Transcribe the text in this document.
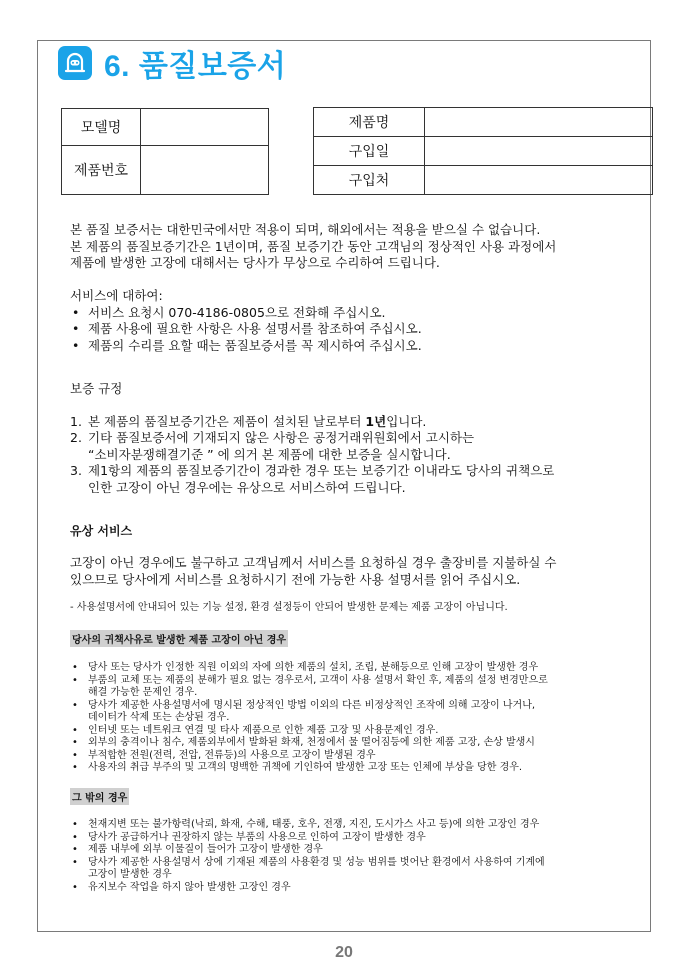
6. 품질보증서
모델명	
제품번호	
제품명	
구입일	
구입처	

본 품질 보증서는 대한민국에서만 적용이 되며, 해외에서는 적용을 받으실 수 없습니다.

본 제품의 품질보증기간은 1년이며, 품질 보증기간 동안 고객님의 정상적인 사용 과정에서

제품에 발생한 고장에 대해서는 당사가 무상으로 수리하여 드립니다.

서비스에 대하여:

• 서비스 요청시 070-4186-0805으로 전화해 주십시오.
• 제품 사용에 필요한 사항은 사용 설명서를 참조하여 주십시오.
• 제품의 수리를 요할 때는 품질보증서를 꼭 제시하여 주십시오.

보증 규정

1. 본 제품의 품질보증기간은 제품이 설치된 날로부터 1년입니다.
2. 기타 품질보증서에 기재되지 않은 사항은 공정거래위원회에서 고시하는
“소비자분쟁해결기준 ” 에 의거 본 제품에 대한 보증을 실시합니다.
3. 제1항의 제품의 품질보증기간이 경과한 경우 또는 보증기간 이내라도 당사의 귀책으로
인한 고장이 아닌 경우에는 유상으로 서비스하여 드립니다.

유상 서비스

고장이 아닌 경우에도 불구하고 고객님께서 서비스를 요청하실 경우 출장비를 지불하실 수

있으므로 당사에게 서비스를 요청하시기 전에 가능한 사용 설명서를 읽어 주십시오.

- 사용설명서에 안내되어 있는 기능 설정, 환경 설정등이 안되어 발생한 문제는 제품 고장이 아닙니다.

당사의 귀책사유로 발생한 제품 고장이 아닌 경우
• 당사 또는 당사가 인정한 직원 이외의 자에 의한 제품의 설치, 조립, 분해등으로 인해 고장이 발생한 경우
• 부품의 교체 또는 제품의 분해가 필요 없는 경우로서, 고객이 사용 설명서 확인 후, 제품의 설정 변경만으로
해결 가능한 문제인 경우.
• 당사가 제공한 사용설명서에 명시된 정상적인 방법 이외의 다른 비정상적인 조작에 의해 고장이 나거나,
데이터가 삭제 또는 손상된 경우.
• 인터넷 또는 네트워크 연결 및 타사 제품으로 인한 제품 고장 및 사용문제인 경우.
• 외부의 충격이나 침수, 제품외부에서 발화된 화재, 천정에서 물 떨어짐등에 의한 제품 고장, 손상 발생시
• 부적합한 전원(전력, 전압, 전류등)의 사용으로 고장이 발생된 경우
• 사용자의 취급 부주의 및 고객의 명백한 귀책에 기인하여 발생한 고장 또는 인체에 부상을 당한 경우.
그 밖의 경우
• 천재지변 또는 불가항력(낙뢰, 화재, 수해, 태풍, 호우, 전쟁, 지진, 도시가스 사고 등)에 의한 고장인 경우
• 당사가 공급하거나 권장하지 않는 부품의 사용으로 인하여 고장이 발생한 경우
• 제품 내부에 외부 이물질이 들어가 고장이 발생한 경우
• 당사가 제공한 사용설명서 상에 기재된 제품의 사용환경 및 성능 범위를 벗어난 환경에서 사용하여 기계에
고장이 발생한 경우
• 유지보수 작업을 하지 않아 발생한 고장인 경우
20
